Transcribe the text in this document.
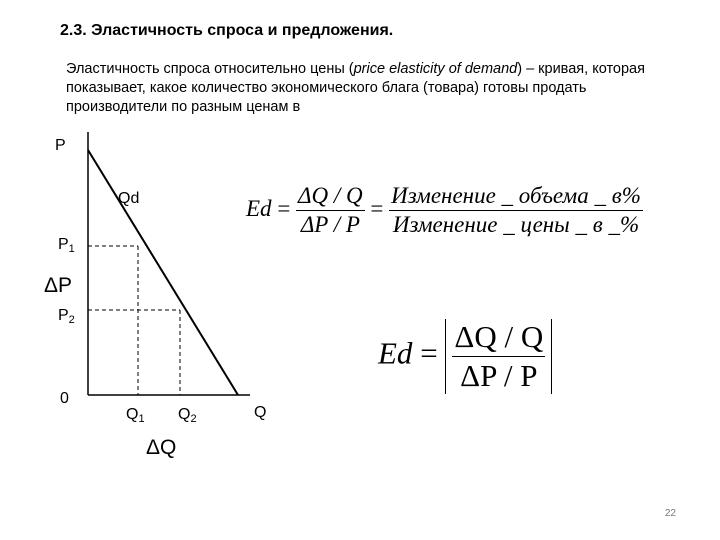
2.3. Эластичность спроса и предложения.
Эластичность спроса относительно цены (price elasticity of demand) – кривая, которая показывает, какое количество экономического блага (товара) готовы продать производители по разным ценам в
P
Qd
P1
ΔP
P2
0
Q1 Q2	Q
ΔQ
$Ed = \frac{\Delta Q / Q}{\Delta P / P} = \frac{\text{Изменение \_ объема \_ в\%}}{\text{Изменение \_ цены \_ в \_\%}}$
$Ed = \frac{\Delta Q / Q}{\Delta P / P}$
22
